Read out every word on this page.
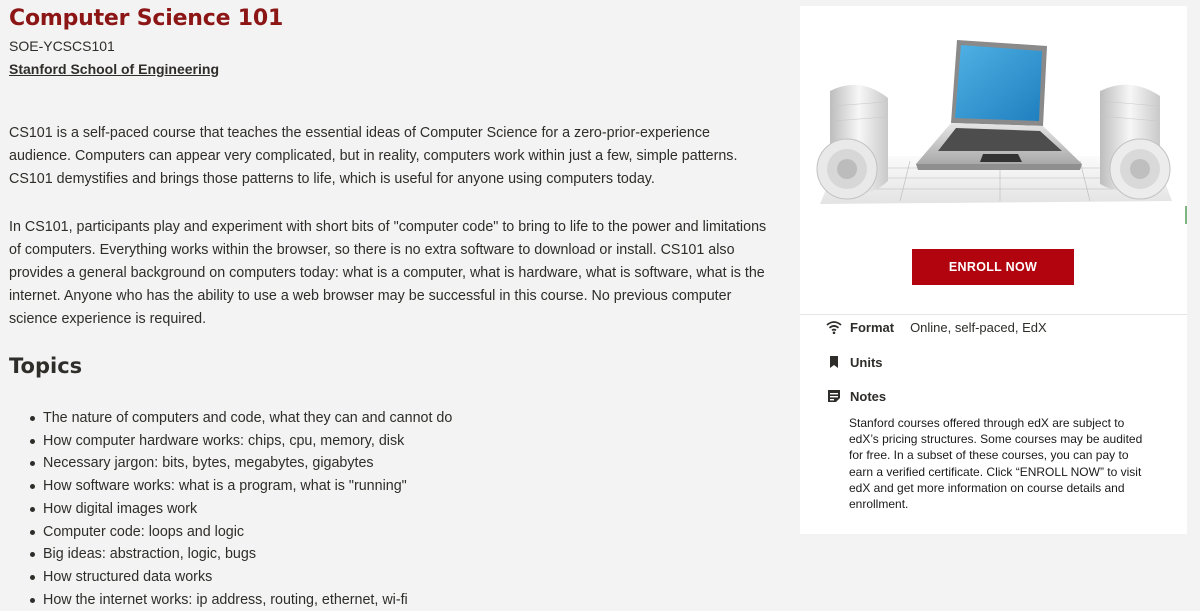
Computer Science 101
SOE-YCSCS101
Stanford School of Engineering

CS101 is a self-paced course that teaches the essential ideas of Computer Science for a zero-prior-experience audience. Computers can appear very complicated, but in reality, computers work within just a few, simple patterns. CS101 demystifies and brings those patterns to life, which is useful for anyone using computers today.

In CS101, participants play and experiment with short bits of "computer code" to bring to life to the power and limitations of computers. Everything works within the browser, so there is no extra software to download or install. CS101 also provides a general background on computers today: what is a computer, what is hardware, what is software, what is the internet. Anyone who has the ability to use a web browser may be successful in this course. No previous computer science experience is required.

Topics
The nature of computers and code, what they can and cannot do
How computer hardware works: chips, cpu, memory, disk
Necessary jargon: bits, bytes, megabytes, gigabytes
How software works: what is a program, what is "running"
How digital images work
Computer code: loops and logic
Big ideas: abstraction, logic, bugs
How structured data works
How the internet works: ip address, routing, ethernet, wi-fi
ENROLL NOW
Format Online, self-paced, EdX
Units
Notes

Stanford courses offered through edX are subject to edX’s pricing structures. Some courses may be audited for free. In a subset of these courses, you can pay to earn a verified certificate. Click “ENROLL NOW” to visit edX and get more information on course details and enrollment.
